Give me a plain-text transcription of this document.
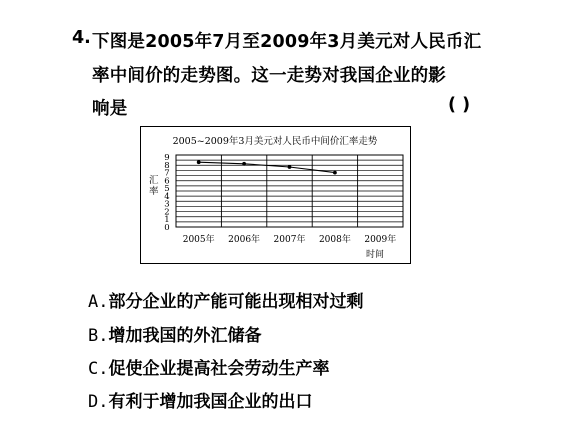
4. 下图是2005年7月至2009年3月美元对人民币汇
率中间价的走势图。这一走势对我国企业的影
响是	( )
2005~2009年3月美元对人民币中间价汇率走势
9
8
7
6
5
4
3
2
1
0
汇率
2005年 2006年 2007年 2008年 2009年
时间
A.部分企业的产能可能出现相对过剩
B.增加我国的外汇储备
C.促使企业提高社会劳动生产率
D.有利于增加我国企业的出口
